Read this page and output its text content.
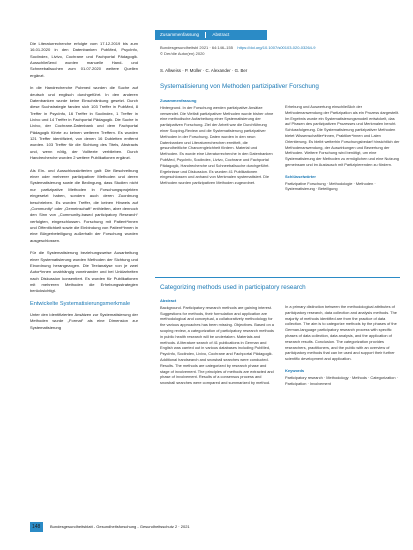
Die Literaturrecherche erfolgte vom 17.12.2019 bis zum 16.01.2020 in den Datenbanken PubMed, PsycInfo, Sociindex, Livivo, Cochrane und Fachportal Pädagogik. Ausschließend wurden manuelle Hand- und Schneeballsuchen zum 01.07.2020 weitere Quellen ergänzt.

In die Handrecherche Pubmed wurden die Suche auf deutsch und englisch durchgeführt. In den anderen Datenbanken wurde keine Einschränkung gesetzt. Durch diese Suchstrategie fanden sich 103 Treffer in PubMed, 8 Treffer in PsycInfo, 16 Treffer in Sociindex, 1 Treffer in Livivo und 14 Treffer in Fachportal Pädagogik. Die Suche in Livivo, der Cochrane-Datenbank und dem Fachportal Pädagogik führte zu keinen weiteren Treffern. Es wurden 121 Treffer identifiziert, von denen 16 Dubletten entfernt wurden. 103 Treffer für die Sichtung des Titels, Abstracts und, wenn nötig, der Volltexte verblieben. Durch Handrecherche wurden 2 weitere Publikationen ergänzt.

Als Ein- und Ausschlusskriterien galt: Die Beschreibung einer oder mehrerer partizipativer Methoden und deren Systematisierung sowie die Bedingung, dass Studien nicht nur partizipative Methoden in Forschungsprojekten eingesetzt haben, sondern auch deren Zuordnung beschrieben. Es wurden Treffer, die keinen Hinweis auf „Community“ oder „Gemeinschaft“ enthielten, aber dennoch den Sinn von „Community-based participatory Research“ verfolgten, eingeschlossen. Forschung mit Patient*innen und Öffentlichkeit sowie die Einbindung von Patient*innen in eine Bürgerbeteiligung außerhalb der Forschung wurden ausgeschlossen.

Für die Systematisierung beziehungsweise Ausarbeitung einer Systematisierung wurden Methoden der Sichtung und Einordnung herangezogen. Die Textanalyse von je zwei Autor*innen unabhängig voneinander und bei Unklarheiten nach Diskussion konsentiert. Es wurden für Publikationen mit mehreren Methoden die Erhebungsstrategien berücksichtigt.

Entwickelte Systematisierungsmerkmale

Unter den identifizierten Ansätzen zur Systematisierung der Methoden wurde „Format“ als eine Dimension zur Systematisierung

Zusammenfassung	Abstract
Bundesgesundheitsbl 2021 · 64:146–155 https://doi.org/10.1007/s00103-020-03264-9
© Der/die Autor(en) 2020
S. Allweiss · P. Müller · C. Alexander · G. Ber
Systematisierung von Methoden partizipativer Forschung
Zusammenfassung

Hintergrund. In der Forschung werden partizipative Ansätze verwendet. Die Vielfalt partizipativer Methoden wurde bisher ohne eine methodische Aufarbeitung einer Systematisierung der partizipativen Forschung. Ziel der Arbeit war die Durchführung einer Scoping-Review und die Systematisierung partizipativer Methoden in der Forschung. Daten wurden in den neun Datenbanken und Literaturrecherchen ermittelt, die gesundheitliche Chancengleichheit fördern. Material und Methoden. Es wurde eine Literaturrecherche in den Datenbanken PubMed, PsycInfo, Sociindex, Livivo, Cochrane und Fachportal Pädagogik, Handrecherche und Schneeballsuche durchgeführt. Ergebnisse und Diskussion. Es wurden 41 Publikationen eingeschlossen und anhand von Merkmalen systematisiert. Die Methoden wurden partizipativen Methoden zugeordnet.

Erhebung und Auswertung einschließlich der Methodenanwendung der Partizipation als ein Prozess dargestellt. Im Ergebnis wurde ein Systematisierungsmodell entwickelt, das auf Phasen des partizipativen Prozesses und Merkmalen beruht. Schlussfolgerung. Die Systematisierung partizipativer Methoden bietet Wissenschaftler*innen, Praktiker*innen und Laien Orientierung. Es bleibt weiterhin Forschungsbedarf hinsichtlich der Methodenanwendung, der Auswirkungen und Bewertung der Methoden. Weitere Forschung wird benötigt, um eine Systematisierung der Methoden zu ermöglichen und eine Nutzung gemeinsam und im Austausch mit Partizipierenden zu fördern.

Schlüsselwörter

Partizipative Forschung · Methodologie · Methoden · Systematisierung · Beteiligung

Categorizing methods used in participatory research
Abstract

Background. Participatory research methods are gaining interest. Suggestions for methods, their formulation and application are methodological and conceptual, a collaboratively methodology for the various approaches has been missing. Objectives. Based on a scoping review, a categorization of participatory research methods in public health research will be undertaken. Materials and methods. A literature search of 41 publications in German and English was carried out in various databases including PubMed, PsycInfo, Sociindex, Livivo, Cochrane and Fachportal Pädagogik. Additional handsearch and snowball searches were conducted. Results. The methods are categorized by research phase and stage of involvement. The principles of methods are extracted and phase of involvement. Results of a consensus process and snowball searches were compared and summarized by method.

In a primary distinction between the methodological attributes of participatory research, data collection and analysis methods. The majority of methods identified are from the practice of data collection. The aim is to categorize methods by the phases of the German-language participatory research process with specific phases of data collection, data analysis, and the application of research results. Conclusion. The categorization provides researchers, practitioners, and the public with an overview of participatory methods that can be used and support their further scientific development and application.

Keywords

Participatory research · Methodology · Methods · Categorization · Participation · Involvement

148 Bundesgesundheitsblatt - Gesundheitsforschung - Gesundheitsschutz 2 · 2021
